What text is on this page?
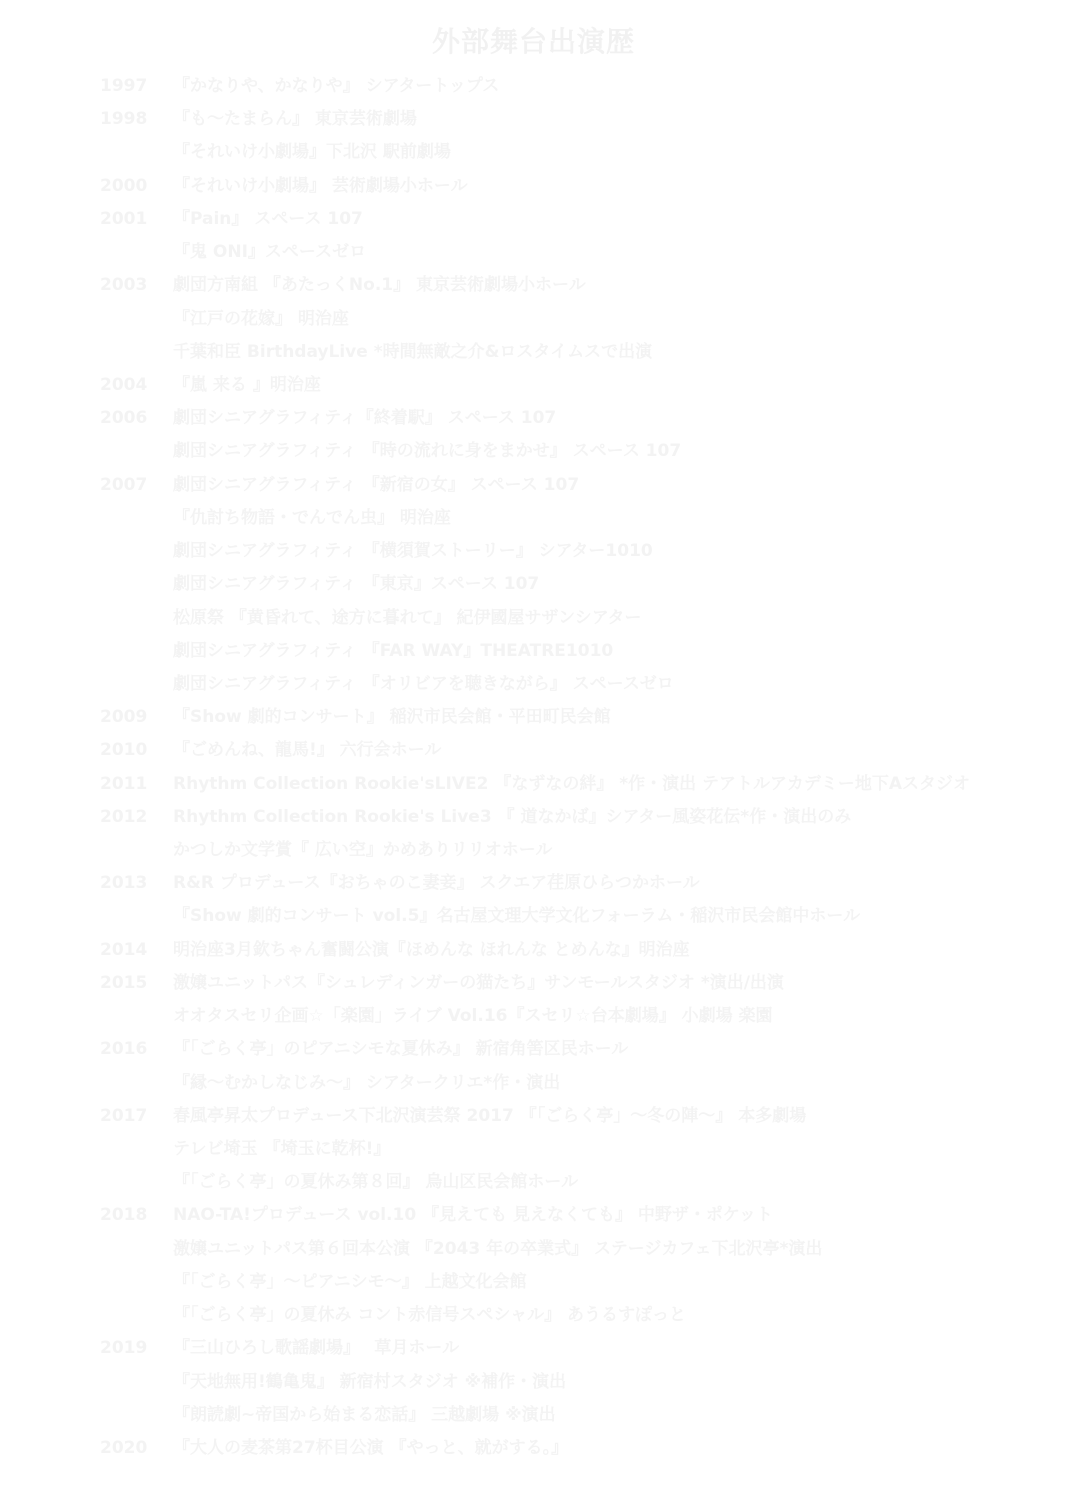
外部舞台出演歴
1997	『かなりや、かなりや』 シアタートップス
1998	『も～たまらん』 東京芸術劇場
『それいけ小劇場』下北沢 駅前劇場
2000	『それいけ小劇場』 芸術劇場小ホール
2001	『Pain』 スペース 107
『鬼 ONI』スペースゼロ
2003	劇団方南組 『あたっくNo.1』 東京芸術劇場小ホール
『江戸の花嫁』 明治座
千葉和臣 BirthdayLive *時間無敵之介&ロスタイムスで出演
2004	『嵐 来る 』明治座
2006	劇団シニアグラフィティ『終着駅』 スペース 107
劇団シニアグラフィティ 『時の流れに身をまかせ』 スペース 107
2007	劇団シニアグラフィティ 『新宿の女』 スペース 107
『仇討ち物語・でんでん虫』 明治座
劇団シニアグラフィティ 『横須賀ストーリー』 シアター1010
劇団シニアグラフィティ 『東京』スペース 107
松原祭 『黄昏れて、途方に暮れて』 紀伊國屋サザンシアター
劇団シニアグラフィティ 『FAR WAY』THEATRE1010
劇団シニアグラフィティ 『オリビアを聴きながら』 スペースゼロ
2009	『Show 劇的コンサート』 稲沢市民会館・平田町民会館
2010	『ごめんね、龍馬!』 六行会ホール
2011	Rhythm Collection Rookie'sLIVE2 『なずなの絆』 *作・演出 テアトルアカデミー地下Aスタジオ
2012	Rhythm Collection Rookie's Live3 『 道なかば』シアター風姿花伝*作・演出のみ
かつしか文学賞『 広い空』かめありリリオホール
2013	R&R プロデュース『おちゃのこ妻妾』 スクエア荏原ひらつかホール
『Show 劇的コンサート vol.5』名古屋文理大学文化フォーラム・稲沢市民会館中ホール
2014	明治座3月欽ちゃん奮闘公演『ほめんな ほれんな とめんな』明治座
2015	激嬢ユニットパス『シュレディンガーの猫たち』サンモールスタジオ *演出/出演
オオタスセリ企画☆「楽園」ライブ Vol.16『スセリ☆台本劇場』 小劇場 楽園
2016	『「ごらく亭」のピアニシモな夏休み』 新宿角筈区民ホール
『縁～むかしなじみ～』 シアタークリエ*作・演出
2017	春風亭昇太プロデュース下北沢演芸祭 2017 『「ごらく亭」～冬の陣～』 本多劇場
テレビ埼玉 『埼玉に乾杯!』
『「ごらく亭」の夏休み第８回』 烏山区民会館ホール
2018	NAO-TA!プロデュース vol.10 『見えても 見えなくても』 中野ザ・ポケット
激嬢ユニットパス第６回本公演 『2043 年の卒業式』 ステージカフェ下北沢亭*演出
『「ごらく亭」～ピアニシモ～』 上越文化会館
『「ごらく亭」の夏休み コント赤信号スペシャル』 あうるすぽっと
2019	『三山ひろし歌謡劇場』　 草月ホール
『天地無用!鶴亀鬼』 新宿村スタジオ ※補作・演出
『朗読劇~帝国から始まる恋話』 三越劇場 ※演出
2020	『大人の麦茶第27杯目公演 『やっと、就がする。』
